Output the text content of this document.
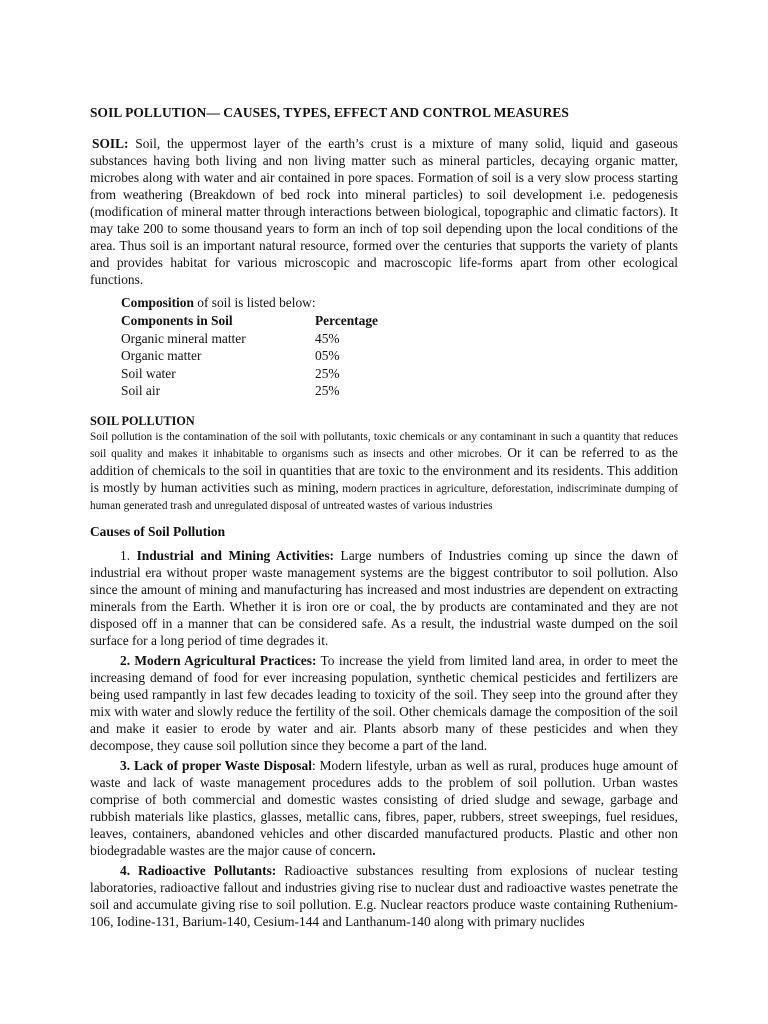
SOIL POLLUTION— CAUSES, TYPES, EFFECT AND CONTROL MEASURES

SOIL: Soil, the uppermost layer of the earth’s crust is a mixture of many solid, liquid and gaseous substances having both living and non living matter such as mineral particles, decaying organic matter, microbes along with water and air contained in pore spaces. Formation of soil is a very slow process starting from weathering (Breakdown of bed rock into mineral particles) to soil development i.e. pedogenesis (modification of mineral matter through interactions between biological, topographic and climatic factors). It may take 200 to some thousand years to form an inch of top soil depending upon the local conditions of the area. Thus soil is an important natural resource, formed over the centuries that supports the variety of plants and provides habitat for various microscopic and macroscopic life-forms apart from other ecological functions.

Composition of soil is listed below:
Components in Soil	Percentage
Organic mineral matter	45%
Organic matter	05%
Soil water	25%
Soil air	25%
SOIL POLLUTION

Soil pollution is the contamination of the soil with pollutants, toxic chemicals or any contaminant in such a quantity that reduces soil quality and makes it inhabitable to organisms such as insects and other microbes. Or it can be referred to as the addition of chemicals to the soil in quantities that are toxic to the environment and its residents. This addition is mostly by human activities such as mining, modern practices in agriculture, deforestation, indiscriminate dumping of human generated trash and unregulated disposal of untreated wastes of various industries

Causes of Soil Pollution

1. Industrial and Mining Activities: Large numbers of Industries coming up since the dawn of industrial era without proper waste management systems are the biggest contributor to soil pollution. Also since the amount of mining and manufacturing has increased and most industries are dependent on extracting minerals from the Earth. Whether it is iron ore or coal, the by products are contaminated and they are not disposed off in a manner that can be considered safe. As a result, the industrial waste dumped on the soil surface for a long period of time degrades it.

2. Modern Agricultural Practices: To increase the yield from limited land area, in order to meet the increasing demand of food for ever increasing population, synthetic chemical pesticides and fertilizers are being used rampantly in last few decades leading to toxicity of the soil. They seep into the ground after they mix with water and slowly reduce the fertility of the soil. Other chemicals damage the composition of the soil and make it easier to erode by water and air. Plants absorb many of these pesticides and when they decompose, they cause soil pollution since they become a part of the land.

3. Lack of proper Waste Disposal: Modern lifestyle, urban as well as rural, produces huge amount of waste and lack of waste management procedures adds to the problem of soil pollution. Urban wastes comprise of both commercial and domestic wastes consisting of dried sludge and sewage, garbage and rubbish materials like plastics, glasses, metallic cans, fibres, paper, rubbers, street sweepings, fuel residues, leaves, containers, abandoned vehicles and other discarded manufactured products. Plastic and other non biodegradable wastes are the major cause of concern.

4. Radioactive Pollutants: Radioactive substances resulting from explosions of nuclear testing laboratories, radioactive fallout and industries giving rise to nuclear dust and radioactive wastes penetrate the soil and accumulate giving rise to soil pollution. E.g. Nuclear reactors produce waste containing Ruthenium-106, Iodine-131, Barium-140, Cesium-144 and Lanthanum-140 along with primary nuclides
